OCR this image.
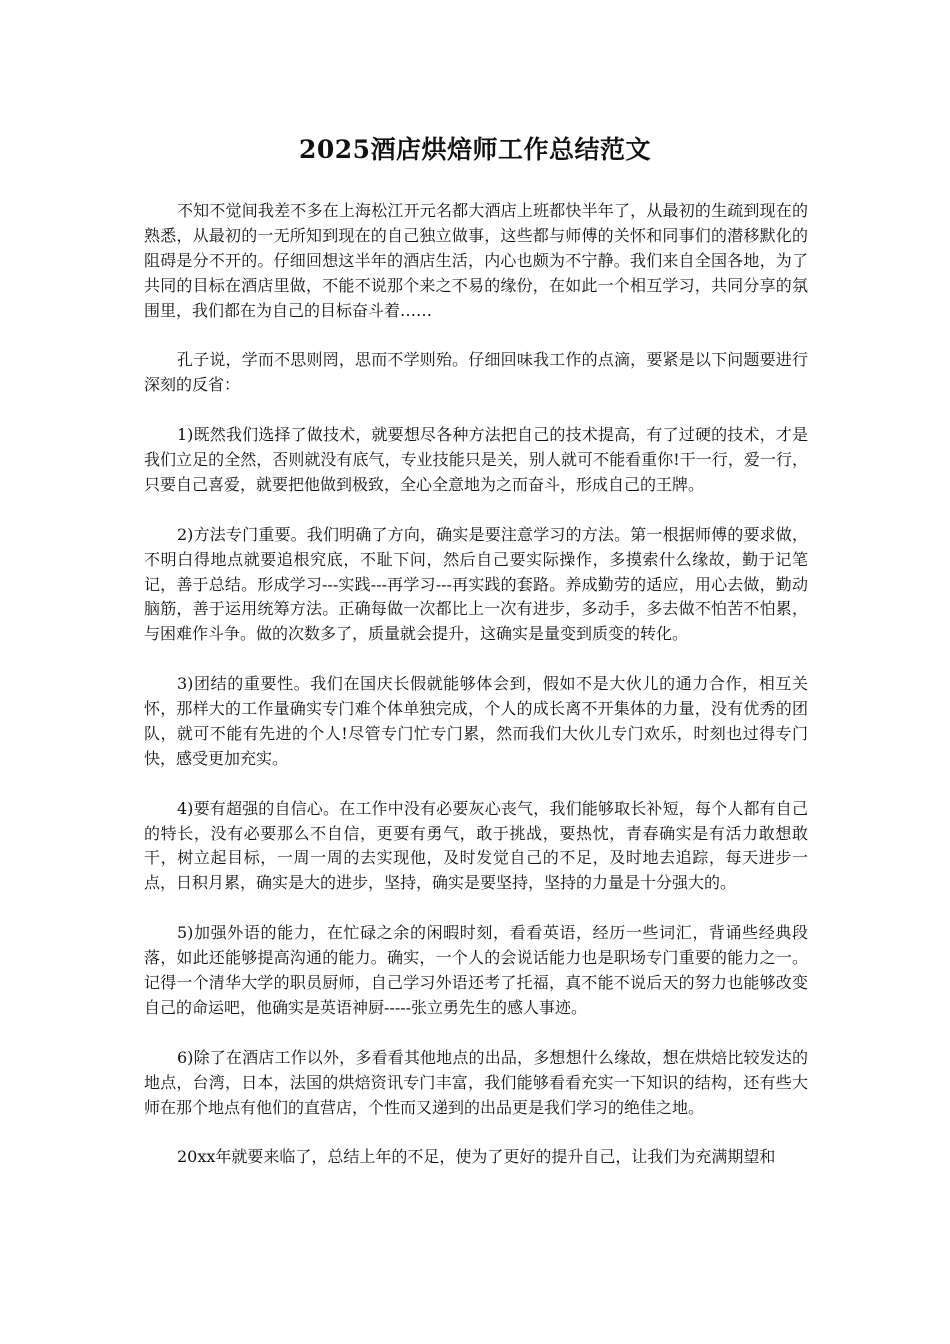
2025酒店烘焙师工作总结范文

不知不觉间我差不多在上海松江开元名都大酒店上班都快半年了，从最初的生疏到现在的熟悉，从最初的一无所知到现在的自己独立做事，这些都与师傅的关怀和同事们的潜移默化的阻碍是分不开的。仔细回想这半年的酒店生活，内心也颇为不宁静。我们来自全国各地，为了共同的目标在酒店里做，不能不说那个来之不易的缘份，在如此一个相互学习，共同分享的氛围里，我们都在为自己的目标奋斗着……

孔子说，学而不思则罔，思而不学则殆。仔细回味我工作的点滴，要紧是以下问题要进行深刻的反省：

1)既然我们选择了做技术，就要想尽各种方法把自己的技术提高，有了过硬的技术，才是我们立足的全然，否则就没有底气，专业技能只是关，别人就可不能看重你!干一行，爱一行，只要自己喜爱，就要把他做到极致，全心全意地为之而奋斗，形成自己的王牌。

2)方法专门重要。我们明确了方向，确实是要注意学习的方法。第一根据师傅的要求做，不明白得地点就要追根究底，不耻下问，然后自己要实际操作，多摸索什么缘故，勤于记笔记，善于总结。形成学习---实践---再学习---再实践的套路。养成勤劳的适应，用心去做，勤动脑筋，善于运用统筹方法。正确每做一次都比上一次有进步，多动手，多去做不怕苦不怕累，与困难作斗争。做的次数多了，质量就会提升，这确实是量变到质变的转化。

3)团结的重要性。我们在国庆长假就能够体会到，假如不是大伙儿的通力合作，相互关怀，那样大的工作量确实专门难个体单独完成，个人的成长离不开集体的力量，没有优秀的团队，就可不能有先进的个人!尽管专门忙专门累，然而我们大伙儿专门欢乐，时刻也过得专门快，感受更加充实。

4)要有超强的自信心。在工作中没有必要灰心丧气，我们能够取长补短，每个人都有自己的特长，没有必要那么不自信，更要有勇气，敢于挑战，要热忱，青春确实是有活力敢想敢干，树立起目标，一周一周的去实现他，及时发觉自己的不足，及时地去追踪，每天进步一点，日积月累，确实是大的进步，坚持，确实是要坚持，坚持的力量是十分强大的。

5)加强外语的能力，在忙碌之余的闲暇时刻，看看英语，经历一些词汇，背诵些经典段落，如此还能够提高沟通的能力。确实，一个人的会说话能力也是职场专门重要的能力之一。记得一个清华大学的职员厨师，自己学习外语还考了托福，真不能不说后天的努力也能够改变自己的命运吧，他确实是英语神厨-----张立勇先生的感人事迹。

6)除了在酒店工作以外，多看看其他地点的出品，多想想什么缘故，想在烘焙比较发达的地点，台湾，日本，法国的烘焙资讯专门丰富，我们能够看看充实一下知识的结构，还有些大师在那个地点有他们的直营店，个性而又递到的出品更是我们学习的绝佳之地。

20xx年就要来临了，总结上年的不足，使为了更好的提升自己，让我们为充满期望和
